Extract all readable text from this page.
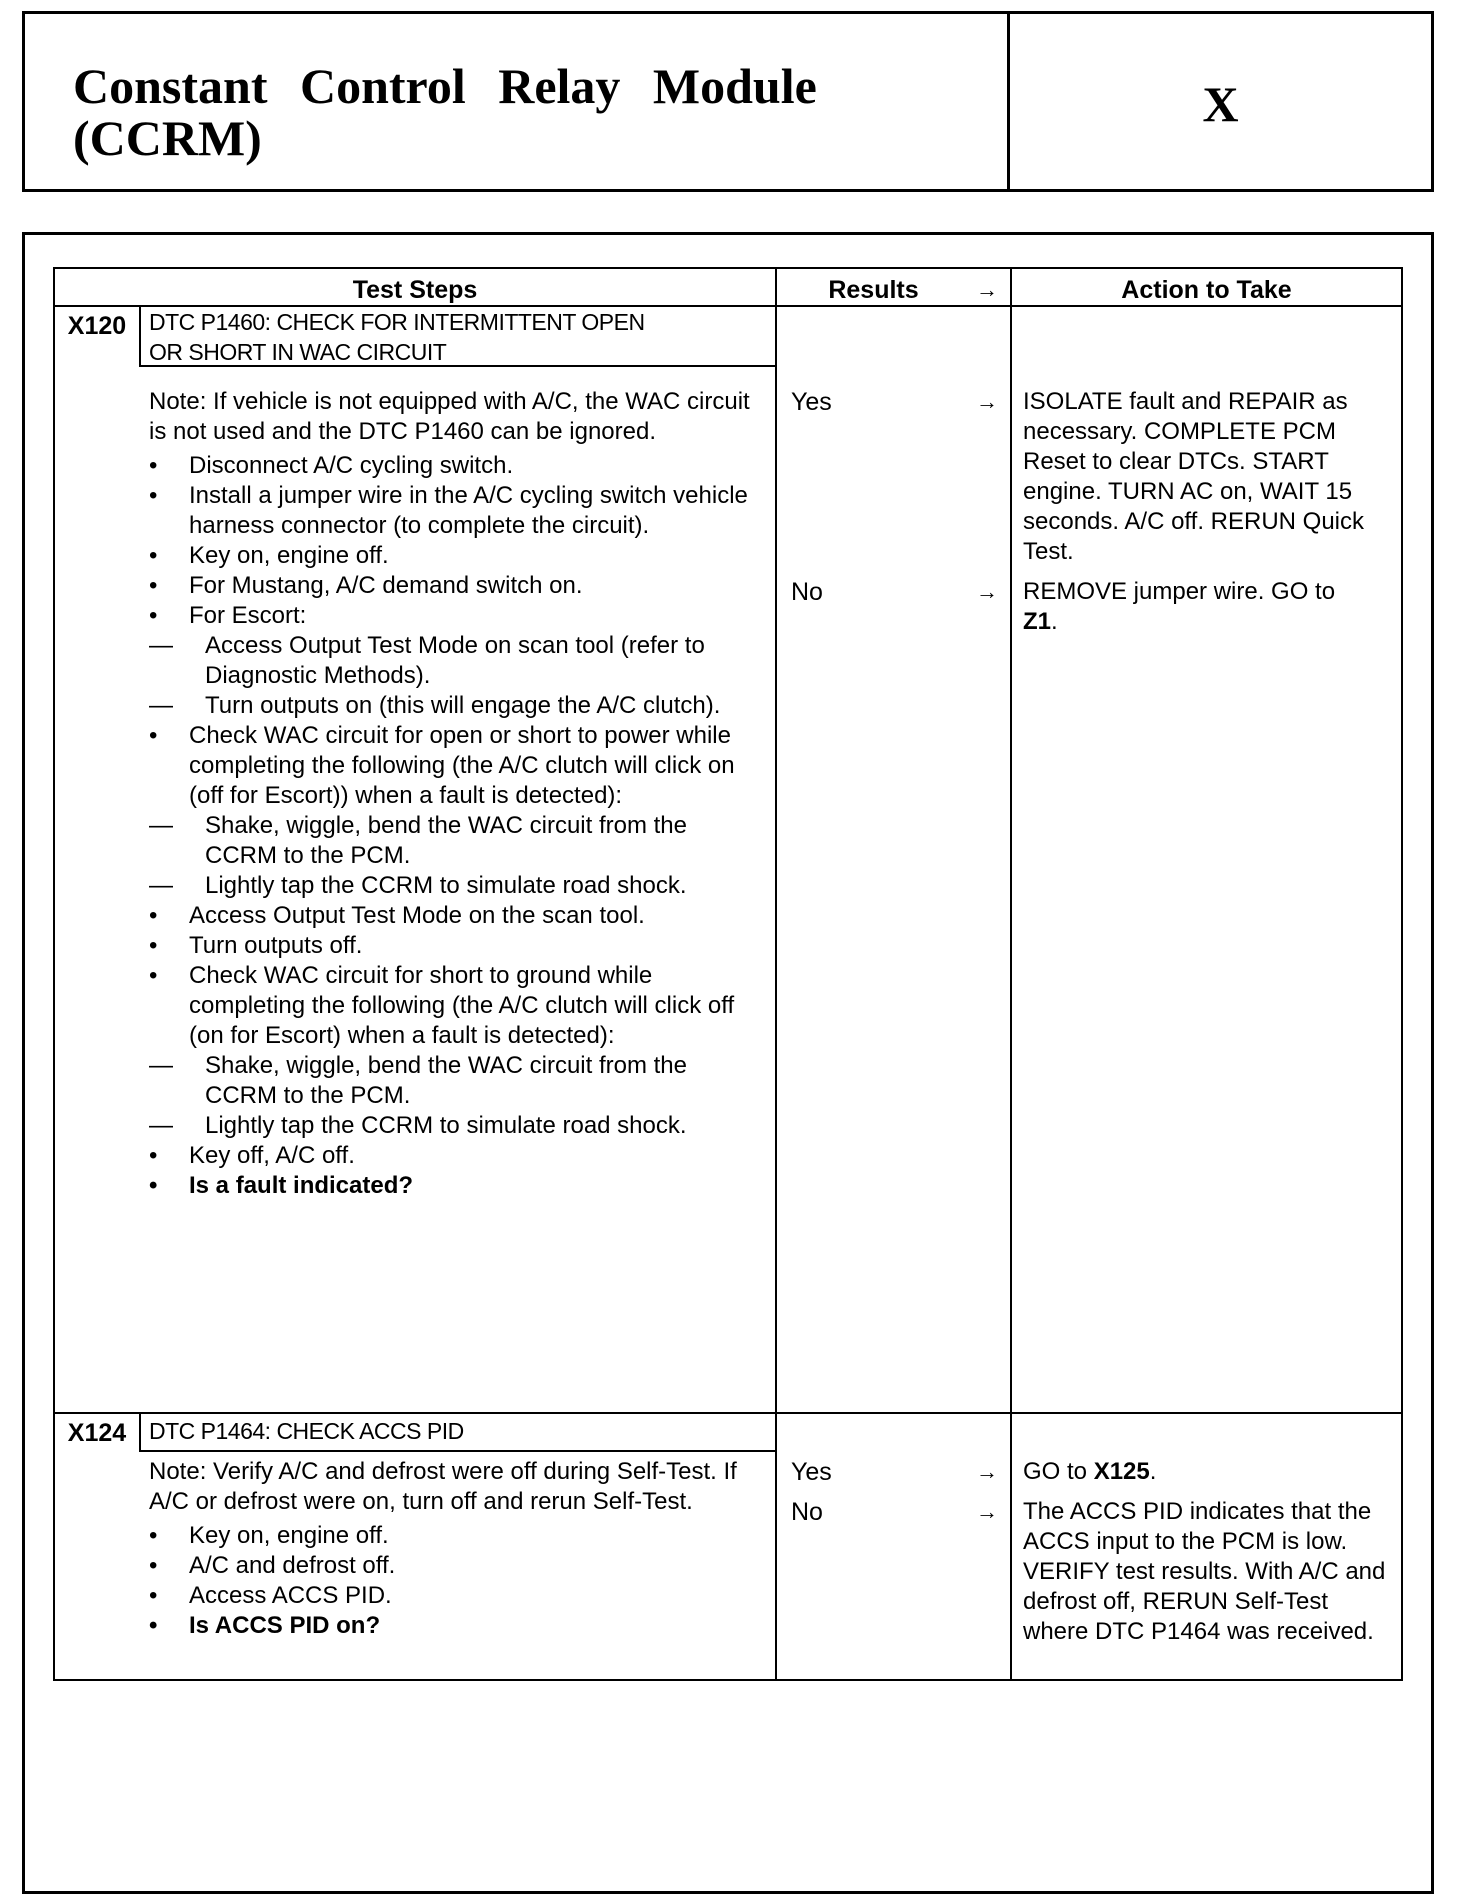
Constant Control Relay Module
(CCRM)
X
Test Steps	Results	→	Action to Take
X120 DTC P1460: CHECK FOR INTERMITTENT OPEN
OR SHORT IN WAC CIRCUIT

Note: If vehicle is not equipped with A/C, the WAC circuit is not used and the DTC P1460 can be ignored.

• Disconnect A/C cycling switch.
• Install a jumper wire in the A/C cycling switch vehicle harness connector (to complete the circuit).
• Key on, engine off.
• For Mustang, A/C demand switch on.
• For Escort:
— Access Output Test Mode on scan tool (refer to Diagnostic Methods).
— Turn outputs on (this will engage the A/C clutch).
• Check WAC circuit for open or short to power while completing the following (the A/C clutch will click on (off for Escort)) when a fault is detected):
— Shake, wiggle, bend the WAC circuit from the CCRM to the PCM.
— Lightly tap the CCRM to simulate road shock.
• Access Output Test Mode on the scan tool.
• Turn outputs off.
• Check WAC circuit for short to ground while completing the following (the A/C clutch will click off (on for Escort) when a fault is detected):
— Shake, wiggle, bend the WAC circuit from the CCRM to the PCM.
— Lightly tap the CCRM to simulate road shock.
• Key off, A/C off.
• Is a fault indicated?
Yes	→ ISOLATE fault and REPAIR as necessary. COMPLETE PCM Reset to clear DTCs. START engine. TURN AC on, WAIT 15 seconds. A/C off. RERUN Quick Test.
No	→ REMOVE jumper wire. GO to
Z1.
X124 DTC P1464: CHECK ACCS PID

Note: Verify A/C and defrost were off during Self-Test. If A/C or defrost were on, turn off and rerun Self-Test.

• Key on, engine off.
• A/C and defrost off.
• Access ACCS PID.
• Is ACCS PID on?
Yes	→ GO to X125.
No	→ The ACCS PID indicates that the ACCS input to the PCM is low. VERIFY test results. With A/C and defrost off, RERUN Self-Test where DTC P1464 was received.
